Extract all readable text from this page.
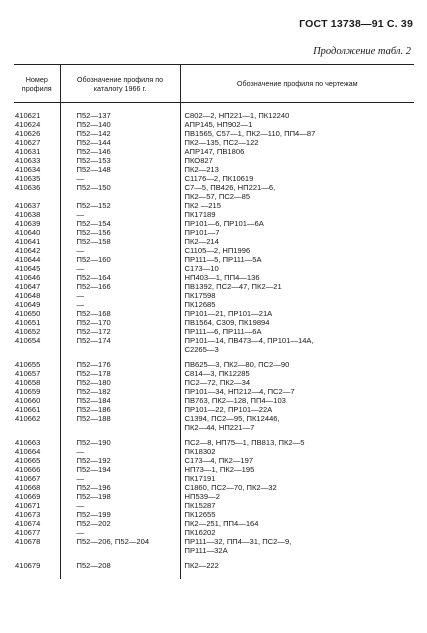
ГОСТ 13738—91 С. 39
Продолжение табл. 2
Номер профиля	Обозначение профиля по каталогу 1966 г.	Обозначение профиля по чертежам
410621	П52—137	С802—2, НП221—1, ПК12240
410624	П52—140	АПР145, НП902—1
410626	П52—142	ПВ1565, С57—1, ПК2—110, ПП4—87
410627	П52—144	ПК2—135, ПС2—122
410631	П52—146	АПР147, ПВ1806
410633	П52—153	ПКО827
410634	П52—148	ПК2—213
410635	—	С1176—2, ПК10619
410636	П52—150	С7—5, ПВ426, НП221—6,
		ПК2—57, ПС2—85
410637	П52—152	ПК2 —215
410638	—	ПК17189
410639	П52—154	ПР101—6, ПР101—6А
410640	П52—156	ПР101—7
410641	П52—158	ПК2—214
410642	—	С1105—2, НП1996
410644	П52—160	ПР111—5, ПР111—5А
410645	—	С173—10
410646	П52—164	НП403—1, ПП4—136
410647	П52—166	ПВ1392, ПС2—47, ПК2—21
410648	—	ПК17598
410649	—	ПК12685
410650	П52—168	ПР101—21, ПР101—21А
410651	П52—170	ПВ1564, С309, ПК19894
410652	П52—172	ПР111—6, ПР111—6А
410654	П52—174	ПР101—14, ПВ473—4, ПР101—14А,
		С2265—3
410655	П52—176	ПВ625—3, ПК2—80, ПС2—90
410657	П52—178	С814—3, ПК12285
410658	П52—180	ПС2—72, ПК2—34
410659	П52—182	ПР101—34, НП212—4, ПС2—7
410660	П52—184	ПВ763, ПК2—128, ПП4—103
410661	П52—186	ПР101—22, ПР101—22А
410662	П52—188	С1394, ПС2—95, ПК12446,
		ПК2—44, НП221—7
410663	П52—190	ПС2—8, НП75—1, ПВ813, ПК2—5
410664	—	ПК18302
410665	П52—192	С173—4, ПК2—197
410666	П52—194	НП73—1, ПК2—195
410667	—	ПК17191
410668	П52—196	С1860, ПС2—70, ПК2—32
410669	П52—198	НП539—2
410671	—	ПК15287
410673	П52—199	ПК12655
410674	П52—202	ПК2—251, ПП4—164
410677	—	ПК16202
410678	П52—206, П52—204	ПР111—32, ПП4—31, ПС2—9,
		ПР111—32А
410679	П52—208	ПК2—222
